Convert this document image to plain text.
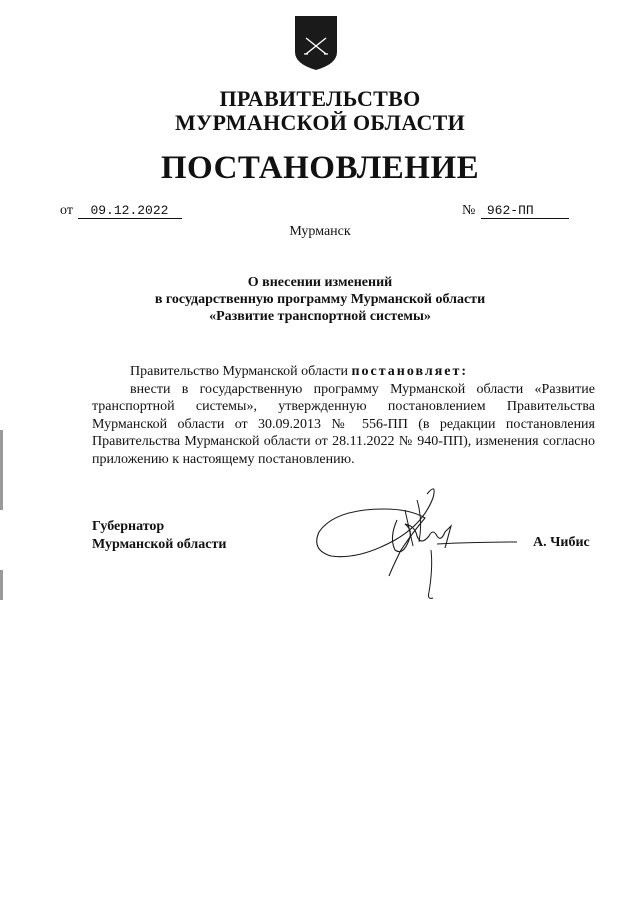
ПРАВИТЕЛЬСТВО
МУРМАНСКОЙ ОБЛАСТИ
ПОСТАНОВЛЕНИЕ
от 09.12.2022	№ 962-ПП
Мурманск
О внесении изменений
в государственную программу Мурманской области
«Развитие транспортной системы»

Правительство Мурманской области постановляет:

внести в государственную программу Мурманской области «Развитие транспортной системы», утвержденную постановлением Правительства Мурманской области от 30.09.2013 № 556-ПП (в редакции постановления Правительства Мурманской области от 28.11.2022 № 940-ПП), изменения согласно приложению к настоящему постановлению.

Губернатор
Мурманской области	А. Чибис
